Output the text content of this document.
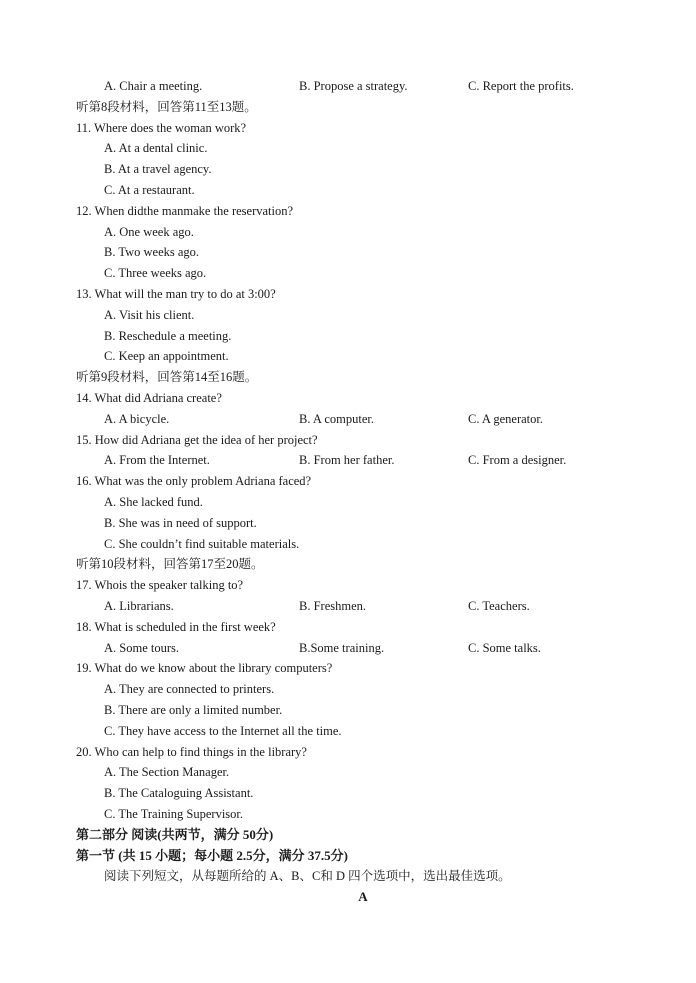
A. Chair a meeting.	B. Propose a strategy.	C. Report the profits.
听第8段材料，回答第11至13题。
11. Where does the woman work?
A. At a dental clinic.
B. At a travel agency.
C. At a restaurant.
12. When didthe manmake the reservation?
A. One week ago.
B. Two weeks ago.
C. Three weeks ago.
13. What will the man try to do at 3:00?
A. Visit his client.
B. Reschedule a meeting.
C. Keep an appointment.
听第9段材料，回答第14至16题。
14. What did Adriana create?
A. A bicycle.	B. A computer.	C. A generator.
15. How did Adriana get the idea of her project?
A. From the Internet.	B. From her father.	C. From a designer.
16. What was the only problem Adriana faced?
A. She lacked fund.
B. She was in need of support.
C. She couldn’t find suitable materials.
听第10段材料，回答第17至20题。
17. Whois the speaker talking to?
A. Librarians.	B. Freshmen.	C. Teachers.
18. What is scheduled in the first week?
A. Some tours.	B.Some training.	C. Some talks.
19. What do we know about the library computers?
A. They are connected to printers.
B. There are only a limited number.
C. They have access to the Internet all the time.
20. Who can help to find things in the library?
A. The Section Manager.
B. The Cataloguing Assistant.
C. The Training Supervisor.
第二部分 阅读(共两节，满分 50分)
第一节 (共 15 小题；每小题 2.5分，满分 37.5分)
阅读下列短文，从每题所给的 A、B、C和 D 四个选项中，选出最佳选项。
A
